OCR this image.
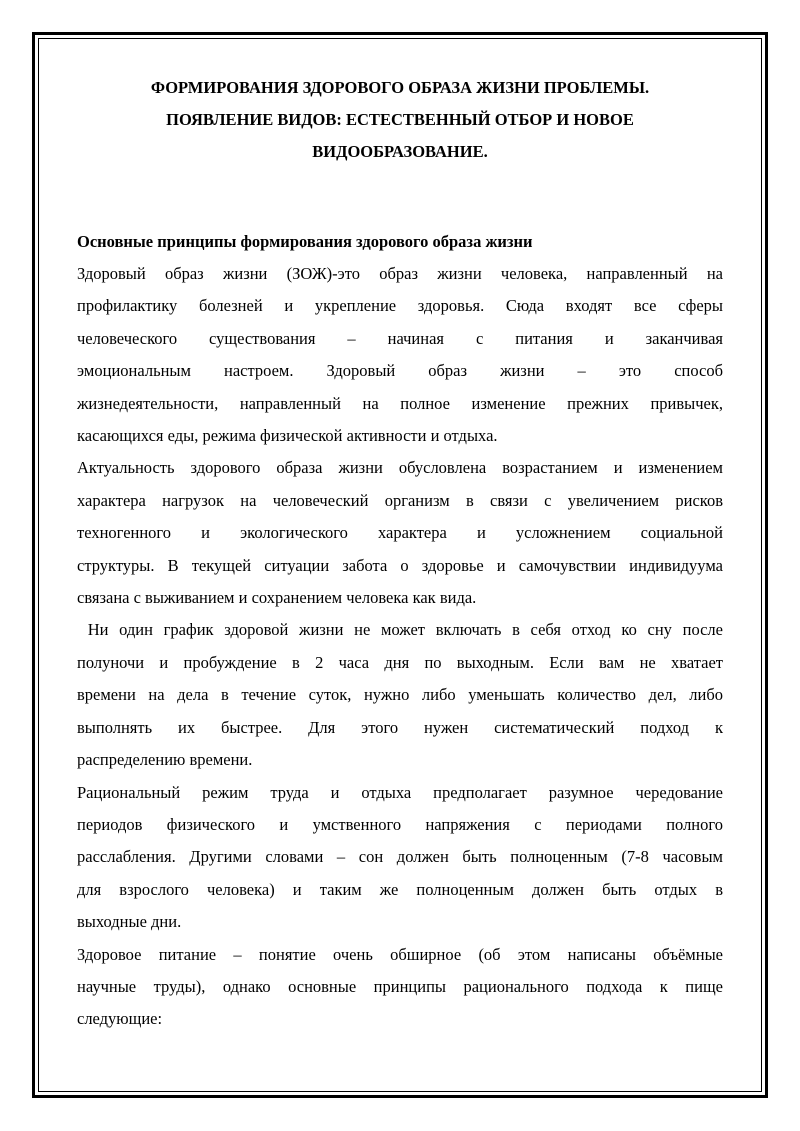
ФОРМИРОВАНИЯ ЗДОРОВОГО ОБРАЗА ЖИЗНИ ПРОБЛЕМЫ.
ПОЯВЛЕНИЕ ВИДОВ: ЕСТЕСТВЕННЫЙ ОТБОР И НОВОЕ
ВИДООБРАЗОВАНИЕ.
Основные принципы формирования здорового образа жизни

Здоровый образ жизни (ЗОЖ)-это образ жизни человека, направленный на
профилактику болезней и укрепление здоровья. Сюда входят все сферы
человеческого существования – начиная с питания и заканчивая
эмоциональным настроем. Здоровый образ жизни – это способ
жизнедеятельности, направленный на полное изменение прежних привычек,
касающихся еды, режима физической активности и отдыха.

Актуальность здорового образа жизни обусловлена возрастанием и изменением
характера нагрузок на человеческий организм в связи с увеличением рисков
техногенного и экологического характера и усложнением социальной
структуры. В текущей ситуации забота о здоровье и самочувствии индивидуума
связана с выживанием и сохранением человека как вида.

Ни один график здоровой жизни не может включать в себя отход ко сну после
полуночи и пробуждение в 2 часа дня по выходным. Если вам не хватает
времени на дела в течение суток, нужно либо уменьшать количество дел, либо
выполнять их быстрее. Для этого нужен систематический подход к
распределению времени.

Рациональный режим труда и отдыха предполагает разумное чередование
периодов физического и умственного напряжения с периодами полного
расслабления. Другими словами – сон должен быть полноценным (7-8 часовым
для взрослого человека) и таким же полноценным должен быть отдых в
выходные дни.

Здоровое питание – понятие очень обширное (об этом написаны объёмные
научные труды), однако основные принципы рационального подхода к пище
следующие:
